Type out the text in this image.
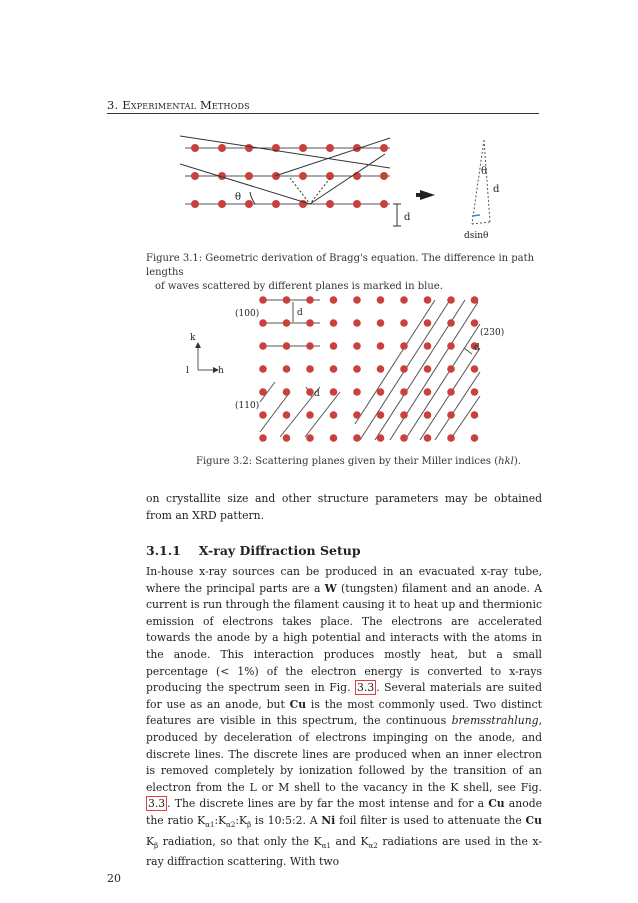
3. Experimental Methods
θ
d
θ
d
dsinθ
Figure 3.1: Geometric derivation of Bragg's equation. The difference in path lengths
of waves scattered by different planes is marked in blue.
(100)
(110)
(230)
d
d
d
k
h
l
Figure 3.2: Scattering planes given by their Miller indices (hkl).
on crystallite size and other structure parameters may be obtained from an XRD pattern.
3.1.1 X-ray Diffraction Setup
In-house x-ray sources can be produced in an evacuated x-ray tube, where the principal parts are a W (tungsten) filament and an anode. A current is run through the filament causing it to heat up and thermionic emission of electrons takes place. The electrons are accelerated towards the anode by a high potential and interacts with the atoms in the anode. This interaction produces mostly heat, but a small percentage (< 1%) of the electron energy is converted to x-rays producing the spectrum seen in Fig. 3.3 . Several materials are suited for use as an anode, but Cu is the most commonly used. Two distinct features are visible in this spectrum, the continuous bremsstrahlung, produced by deceleration of electrons impinging on the anode, and discrete lines. The discrete lines are produced when an inner electron is removed completely by ionization followed by the transition of an electron from the L or M shell to the vacancy in the K shell, see Fig. 3.3 . The discrete lines are by far the most intense and for a Cu anode the ratio $K_{\alpha 1}:K_{\alpha 2}:K_\beta$ is 10:5:2. A Ni foil filter is used to attenuate the Cu $K_\beta$ radiation, so that only the $K_{\alpha 1}$ and $K_{\alpha 2}$ radiations are used in the x-ray diffraction scattering. With two
20
